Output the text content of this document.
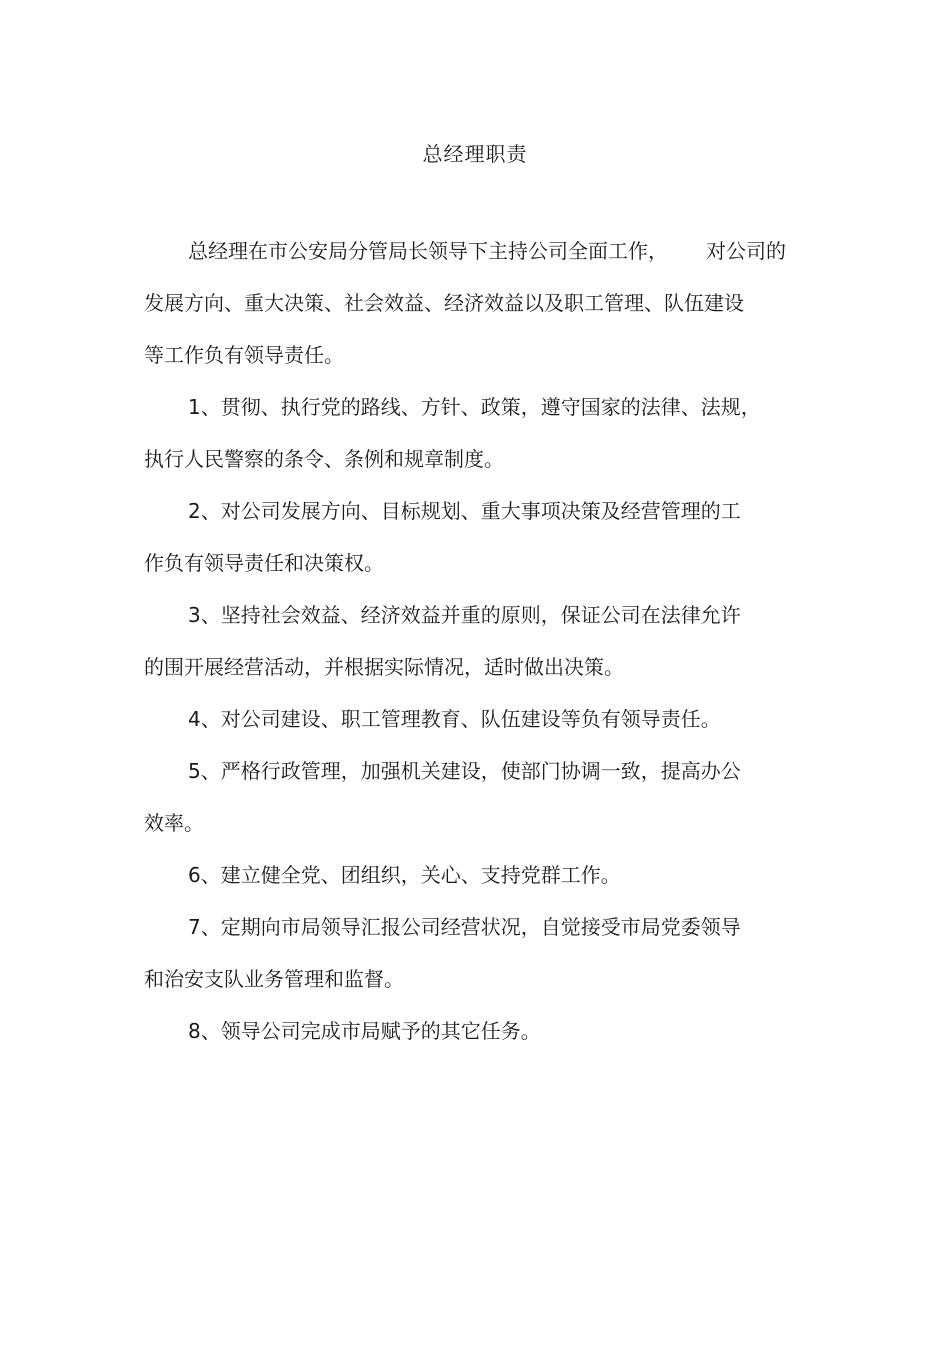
总经理职责

总经理在市公安局分管局长领导下主持公司全面工作， 对公司的
发展方向、重大决策、社会效益、经济效益以及职工管理、队伍建设
等工作负有领导责任。

1、贯彻、执行党的路线、方针、政策，遵守国家的法律、法规，
执行人民警察的条令、条例和规章制度。

2、对公司发展方向、目标规划、重大事项决策及经营管理的工
作负有领导责任和决策权。

3、坚持社会效益、经济效益并重的原则，保证公司在法律允许
的围开展经营活动，并根据实际情况，适时做出决策。

4、对公司建设、职工管理教育、队伍建设等负有领导责任。

5、严格行政管理，加强机关建设，使部门协调一致，提高办公
效率。

6、建立健全党、团组织，关心、支持党群工作。

7、定期向市局领导汇报公司经营状况，自觉接受市局党委领导
和治安支队业务管理和监督。

8、领导公司完成市局赋予的其它任务。
